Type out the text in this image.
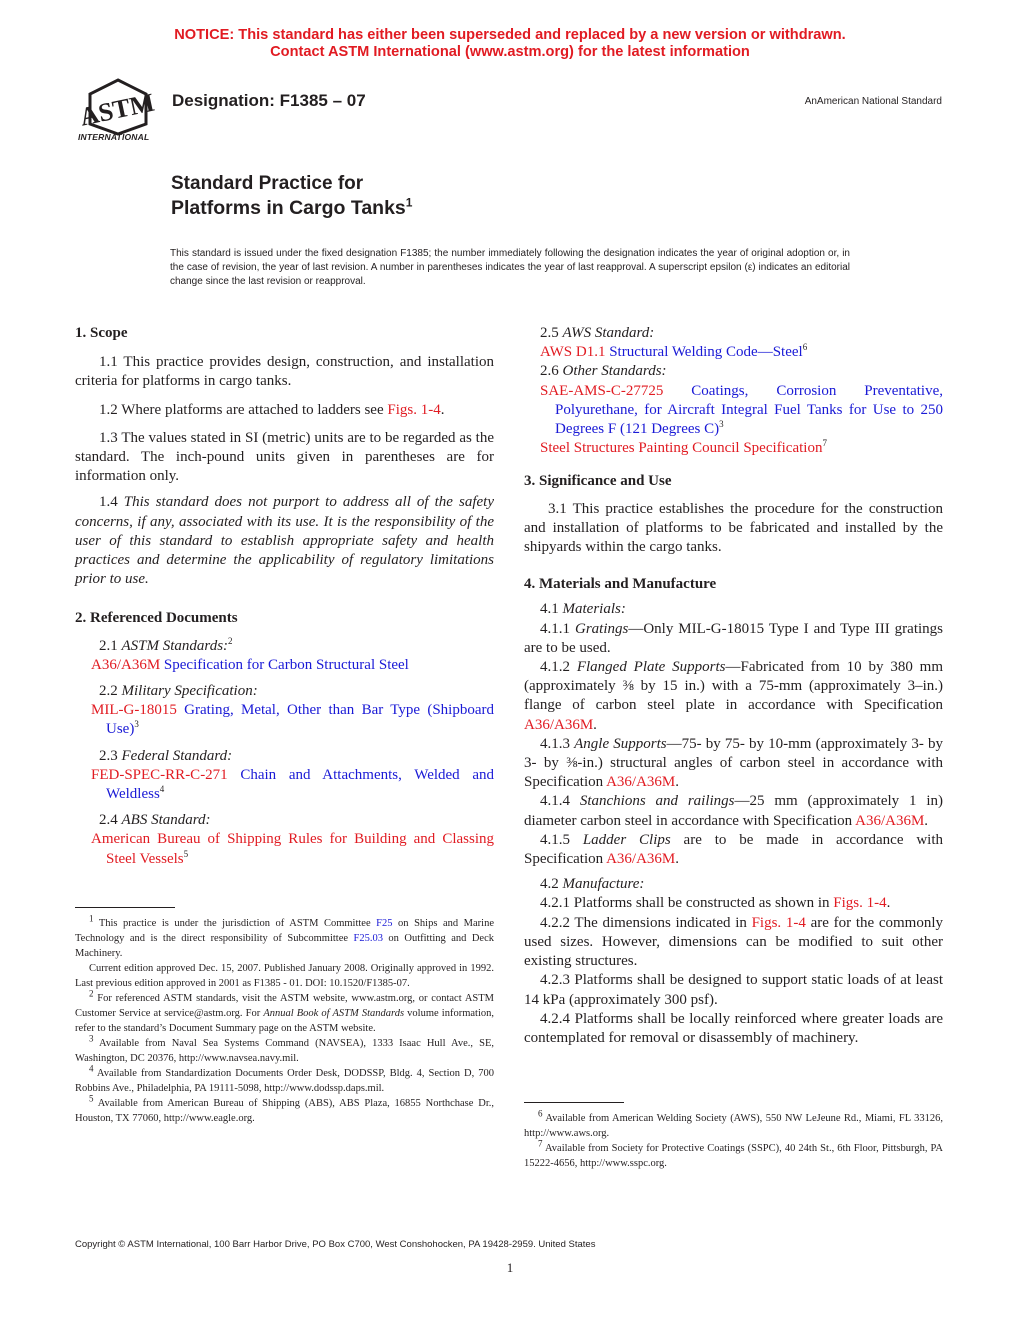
NOTICE: This standard has either been superseded and replaced by a new version or withdrawn.
Contact ASTM International (www.astm.org) for the latest information
ASTM
INTERNATIONAL
Designation: F1385 – 07	AnAmerican National Standard
Standard Practice for
Platforms in Cargo Tanks$^1$
This standard is issued under the fixed designation F1385; the number immediately following the designation indicates the year of original adoption or, in the case of revision, the year of last revision. A number in parentheses indicates the year of last reapproval. A superscript epsilon (ε) indicates an editorial change since the last revision or reapproval.

1. Scope

1.1 This practice provides design, construction, and installation criteria for platforms in cargo tanks.

1.2 Where platforms are attached to ladders see Figs. 1-4.

1.3 The values stated in SI (metric) units are to be regarded as the standard. The inch-pound units given in parentheses are for information only.

1.4 This standard does not purport to address all of the safety concerns, if any, associated with its use. It is the responsibility of the user of this standard to establish appropriate safety and health practices and determine the applicability of regulatory limitations prior to use.

2. Referenced Documents

2.1 ASTM Standards:$^2$

A36/A36M Specification for Carbon Structural Steel

2.2 Military Specification:

MIL-G-18015 Grating, Metal, Other than Bar Type (Shipboard Use)$^3$

2.3 Federal Standard:

FED-SPEC-RR-C-271 Chain and Attachments, Welded and Weldless$^4$

2.4 ABS Standard:

American Bureau of Shipping Rules for Building and Classing Steel Vessels$^5$

$^1$ This practice is under the jurisdiction of ASTM Committee F25 on Ships and Marine Technology and is the direct responsibility of Subcommittee F25.03 on Outfitting and Deck Machinery.

Current edition approved Dec. 15, 2007. Published January 2008. Originally approved in 1992. Last previous edition approved in 2001 as F1385 - 01. DOI: 10.1520/F1385-07.

$^2$ For referenced ASTM standards, visit the ASTM website, www.astm.org, or contact ASTM Customer Service at service@astm.org. For Annual Book of ASTM Standards volume information, refer to the standard’s Document Summary page on the ASTM website.

$^3$ Available from Naval Sea Systems Command (NAVSEA), 1333 Isaac Hull Ave., SE, Washington, DC 20376, http://www.navsea.navy.mil.

$^4$ Available from Standardization Documents Order Desk, DODSSP, Bldg. 4, Section D, 700 Robbins Ave., Philadelphia, PA 19111-5098, http://www.dodssp.daps.mil.

$^5$ Available from American Bureau of Shipping (ABS), ABS Plaza, 16855 Northchase Dr., Houston, TX 77060, http://www.eagle.org.

2.5 AWS Standard:

AWS D1.1 Structural Welding Code—Steel$^6$

2.6 Other Standards:

SAE-AMS-C-27725 Coatings, Corrosion Preventative, Polyurethane, for Aircraft Integral Fuel Tanks for Use to 250 Degrees F (121 Degrees C)$^3$

Steel Structures Painting Council Specification$^7$

3. Significance and Use

3.1 This practice establishes the procedure for the construction and installation of platforms to be fabricated and installed by the shipyards within the cargo tanks.

4. Materials and Manufacture

4.1 Materials:

4.1.1 Gratings—Only MIL-G-18015 Type I and Type III gratings are to be used.

4.1.2 Flanged Plate Supports—Fabricated from 10 by 380 mm (approximately ⅜ by 15 in.) with a 75-mm (approximately 3–in.) flange of carbon steel plate in accordance with Specification A36/A36M.

4.1.3 Angle Supports—75- by 75- by 10-mm (approximately 3- by 3- by ⅜-in.) structural angles of carbon steel in accordance with Specification A36/A36M.

4.1.4 Stanchions and railings—25 mm (approximately 1 in) diameter carbon steel in accordance with Specification A36/A36M.

4.1.5 Ladder Clips are to be made in accordance with Specification A36/A36M.

4.2 Manufacture:

4.2.1 Platforms shall be constructed as shown in Figs. 1-4.

4.2.2 The dimensions indicated in Figs. 1-4 are for the commonly used sizes. However, dimensions can be modified to suit other existing structures.

4.2.3 Platforms shall be designed to support static loads of at least 14 kPa (approximately 300 psf).

4.2.4 Platforms shall be locally reinforced where greater loads are contemplated for removal or disassembly of machinery.

$^6$ Available from American Welding Society (AWS), 550 NW LeJeune Rd., Miami, FL 33126, http://www.aws.org.

$^7$ Available from Society for Protective Coatings (SSPC), 40 24th St., 6th Floor, Pittsburgh, PA 15222-4656, http://www.sspc.org.

Copyright © ASTM International, 100 Barr Harbor Drive, PO Box C700, West Conshohocken, PA 19428-2959. United States
1
